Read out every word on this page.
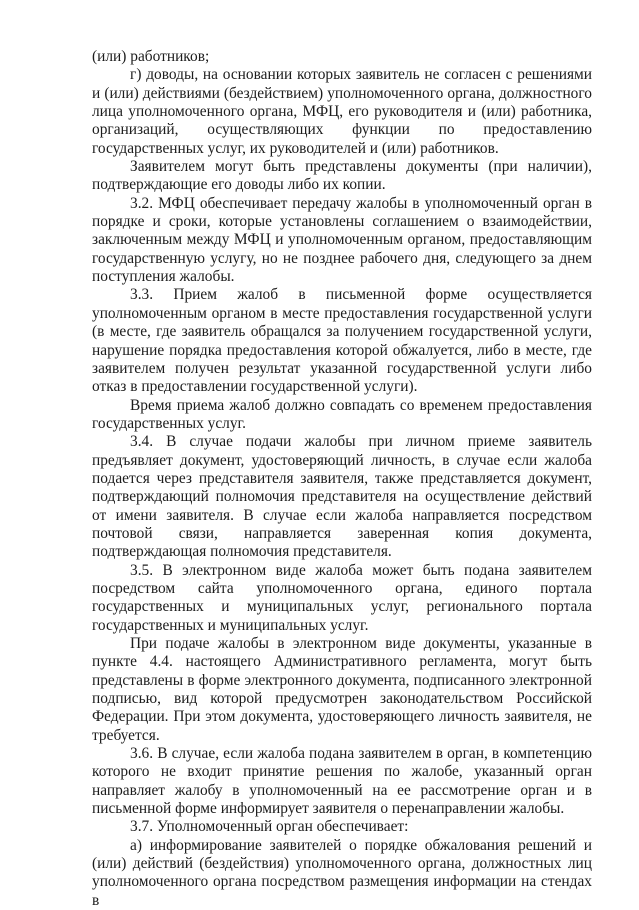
(или) работников;

г) доводы, на основании которых заявитель не согласен с решениями и (или) действиями (бездействием) уполномоченного органа, должностного лица уполномоченного органа, МФЦ, его руководителя и (или) работника, организаций, осуществляющих функции по предоставлению государственных услуг, их руководителей и (или) работников.

Заявителем могут быть представлены документы (при наличии), подтверждающие его доводы либо их копии.

3.2. МФЦ обеспечивает передачу жалобы в уполномоченный орган в порядке и сроки, которые установлены соглашением о взаимодействии, заключенным между МФЦ и уполномоченным органом, предоставляющим государственную услугу, но не позднее рабочего дня, следующего за днем поступления жалобы.

3.3. Прием жалоб в письменной форме осуществляется уполномоченным органом в месте предоставления государственной услуги (в месте, где заявитель обращался за получением государственной услуги, нарушение порядка предоставления которой обжалуется, либо в месте, где заявителем получен результат указанной государственной услуги либо отказ в предоставлении государственной услуги).

Время приема жалоб должно совпадать со временем предоставления государственных услуг.

3.4. В случае подачи жалобы при личном приеме заявитель предъявляет документ, удостоверяющий личность, в случае если жалоба подается через представителя заявителя, также представляется документ, подтверждающий полномочия представителя на осуществление действий от имени заявителя. В случае если жалоба направляется посредством почтовой связи, направляется заверенная копия документа, подтверждающая полномочия представителя.

3.5. В электронном виде жалоба может быть подана заявителем посредством сайта уполномоченного органа, единого портала государственных и муниципальных услуг, регионального портала государственных и муниципальных услуг.

При подаче жалобы в электронном виде документы, указанные в пункте 4.4. настоящего Административного регламента, могут быть представлены в форме электронного документа, подписанного электронной подписью, вид которой предусмотрен законодательством Российской Федерации. При этом документа, удостоверяющего личность заявителя, не требуется.

3.6. В случае, если жалоба подана заявителем в орган, в компетенцию которого не входит принятие решения по жалобе, указанный орган направляет жалобу в уполномоченный на ее рассмотрение орган и в письменной форме информирует заявителя о перенаправлении жалобы.

3.7. Уполномоченный орган обеспечивает:

а) информирование заявителей о порядке обжалования решений и (или) действий (бездействия) уполномоченного органа, должностных лиц уполномоченного органа посредством размещения информации на стендах в
